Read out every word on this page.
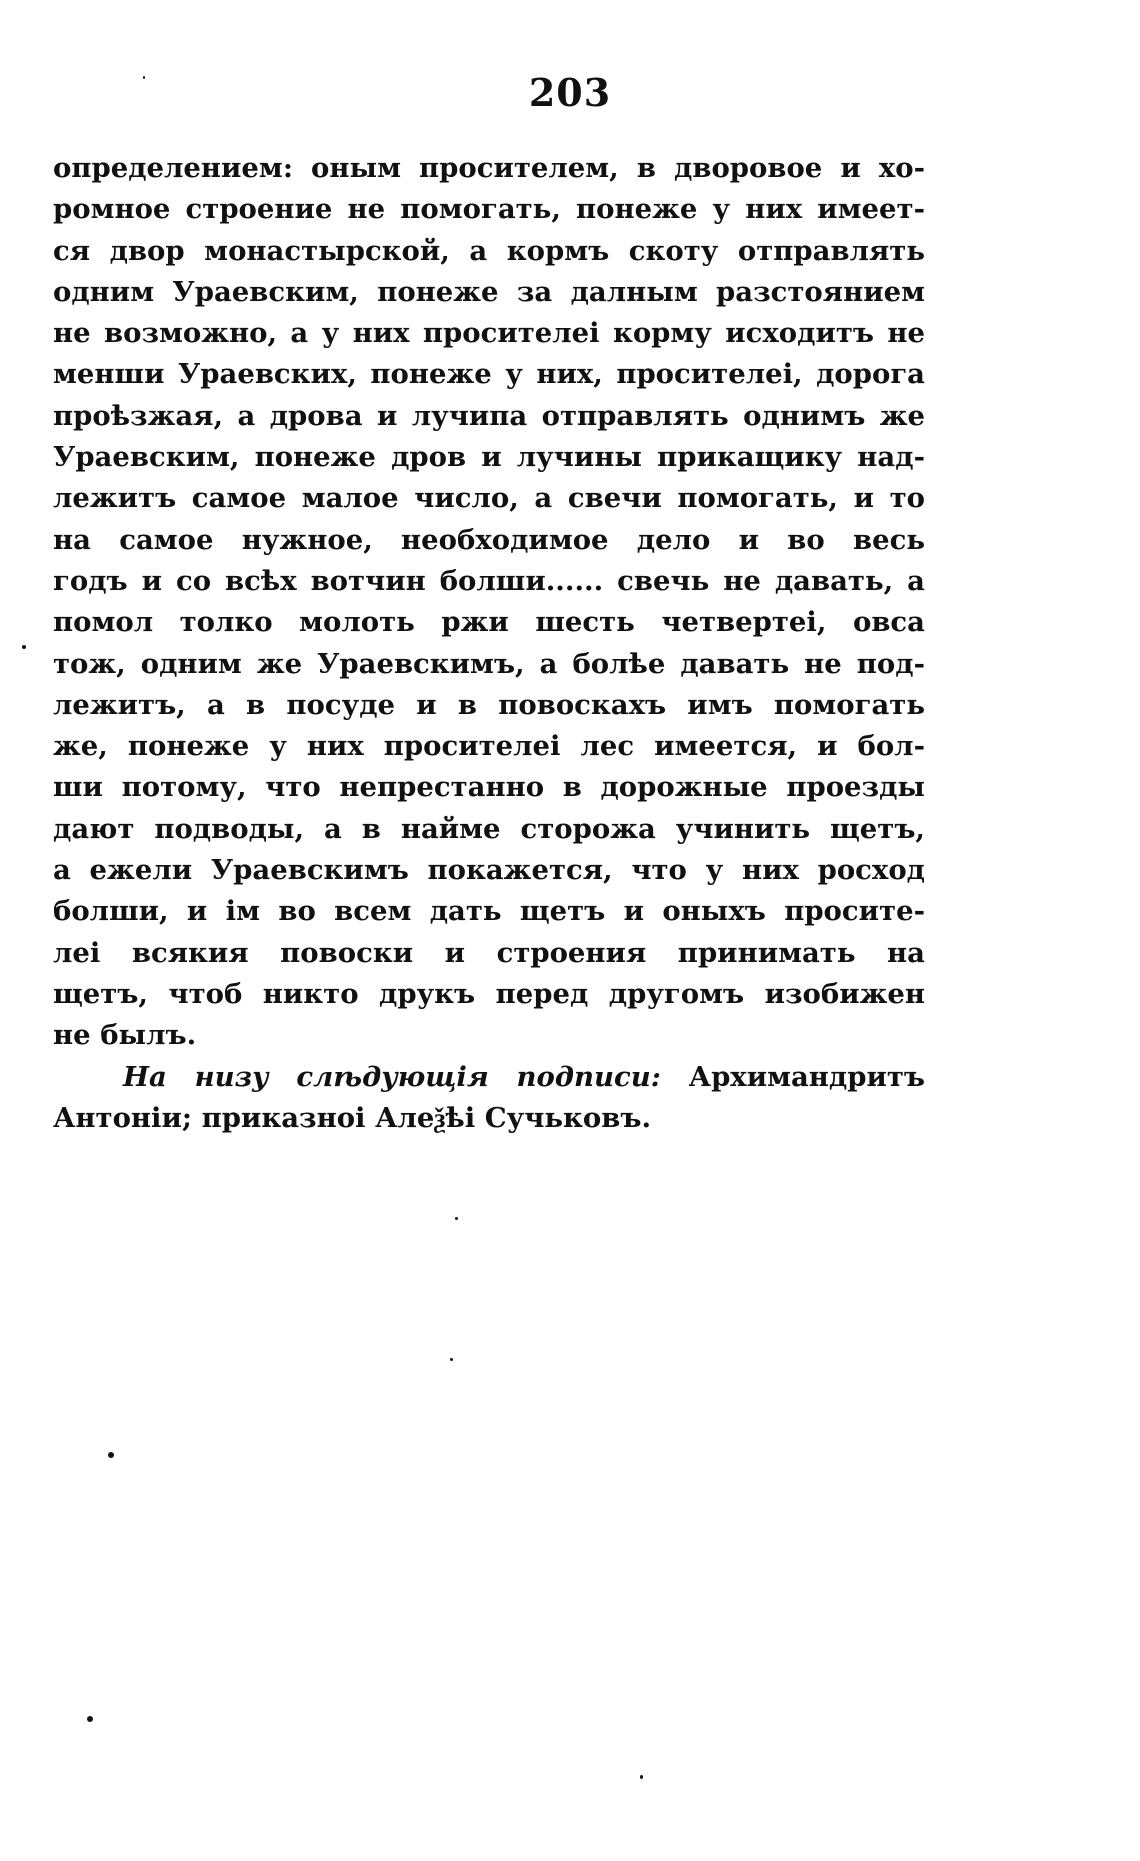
203
определением: оным просителем, в дворовое и хо-
ромное строение не помогать, понеже у них имеет-
ся двор монастырской, а кормъ скоту отправлять
одним Ураевским, понеже за далным разстоянием
не возможно, а у них просителеі корму исходитъ не
менши Ураевских, понеже у них, просителеі, дорога
проѣзжая, а дрова и лучипа отправлять однимъ же
Ураевским, понеже дров и лучины прикащику над-
лежитъ самое малое число, а свечи помогать, и то
на самое нужное, необходимое дело и во весь
годъ и со всѣх вотчин болши...... свечь не давать, а
помол толко молоть ржи шесть четвертеі, овса
тож, одним же Ураевскимъ, а болѣе давать не под-
лежитъ, а в посуде и в повоскахъ имъ помогать
же, понеже у них просителеі лес имеется, и бол-
ши потому, что непрестанно в дорожные проезды
дают подводы, а в найме сторожа учинить щетъ,
а ежели Ураевскимъ покажется, что у них росход
болши, и ім во всем дать щетъ и оныхъ просите-
леі всякия повоски и строения принимать на
щетъ, чтоб никто друкъ перед другомъ изобижен
не былъ.
На низу слѣдующія подписи: Архимандритъ
Антоніи; приказноі Алеѯѣі Сучьковъ.
